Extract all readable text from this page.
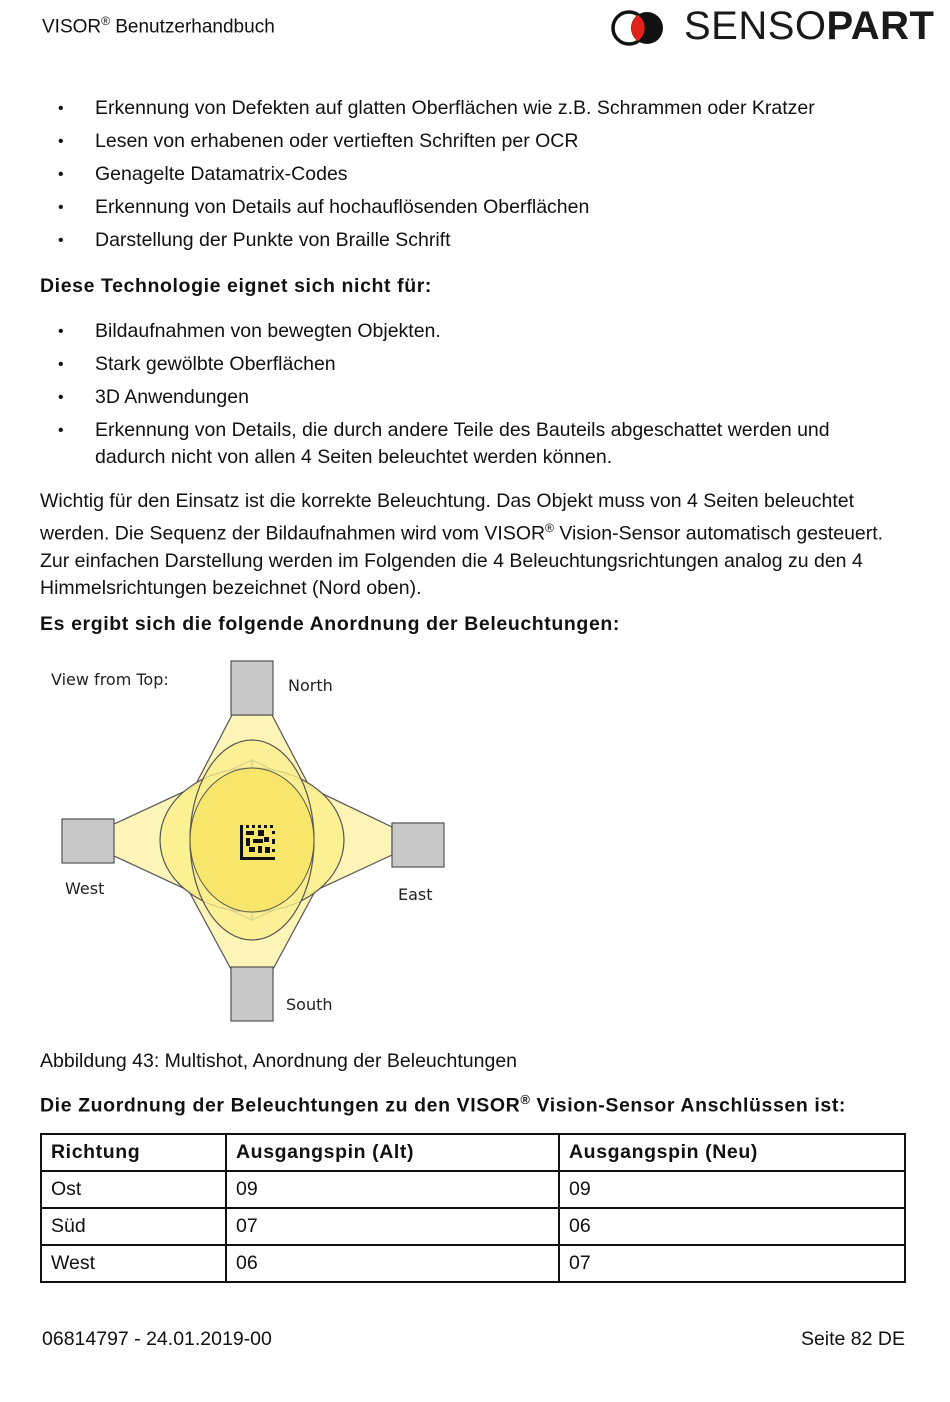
VISOR® Benutzerhandbuch	SENSOPART
• Erkennung von Defekten auf glatten Oberflächen wie z.B. Schrammen oder Kratzer
• Lesen von erhabenen oder vertieften Schriften per OCR
• Genagelte Datamatrix-Codes
• Erkennung von Details auf hochauflösenden Oberflächen
• Darstellung der Punkte von Braille Schrift
Diese Technologie eignet sich nicht für:
• Bildaufnahmen von bewegten Objekten.
• Stark gewölbte Oberflächen
• 3D Anwendungen
• Erkennung von Details, die durch andere Teile des Bauteils abgeschattet werden und dadurch nicht von allen 4 Seiten beleuchtet werden können.
Wichtig für den Einsatz ist die korrekte Beleuchtung. Das Objekt muss von 4 Seiten beleuchtet werden. Die Sequenz der Bildaufnahmen wird vom VISOR® Vision-Sensor automatisch gesteuert. Zur einfachen Darstellung werden im Folgenden die 4 Beleuchtungsrichtungen analog zu den 4 Himmelsrichtungen bezeichnet (Nord oben).
Es ergibt sich die folgende Anordnung der Beleuchtungen:
View from Top:	North
South
West	East
Abbildung 43: Multishot, Anordnung der Beleuchtungen
Die Zuordnung der Beleuchtungen zu den VISOR® Vision-Sensor Anschlüssen ist:
Richtung	Ausgangspin (Alt)	Ausgangspin (Neu)
Ost	09	09
Süd	07	06
West	06	07
06814797 - 24.01.2019-00	Seite 82 DE
